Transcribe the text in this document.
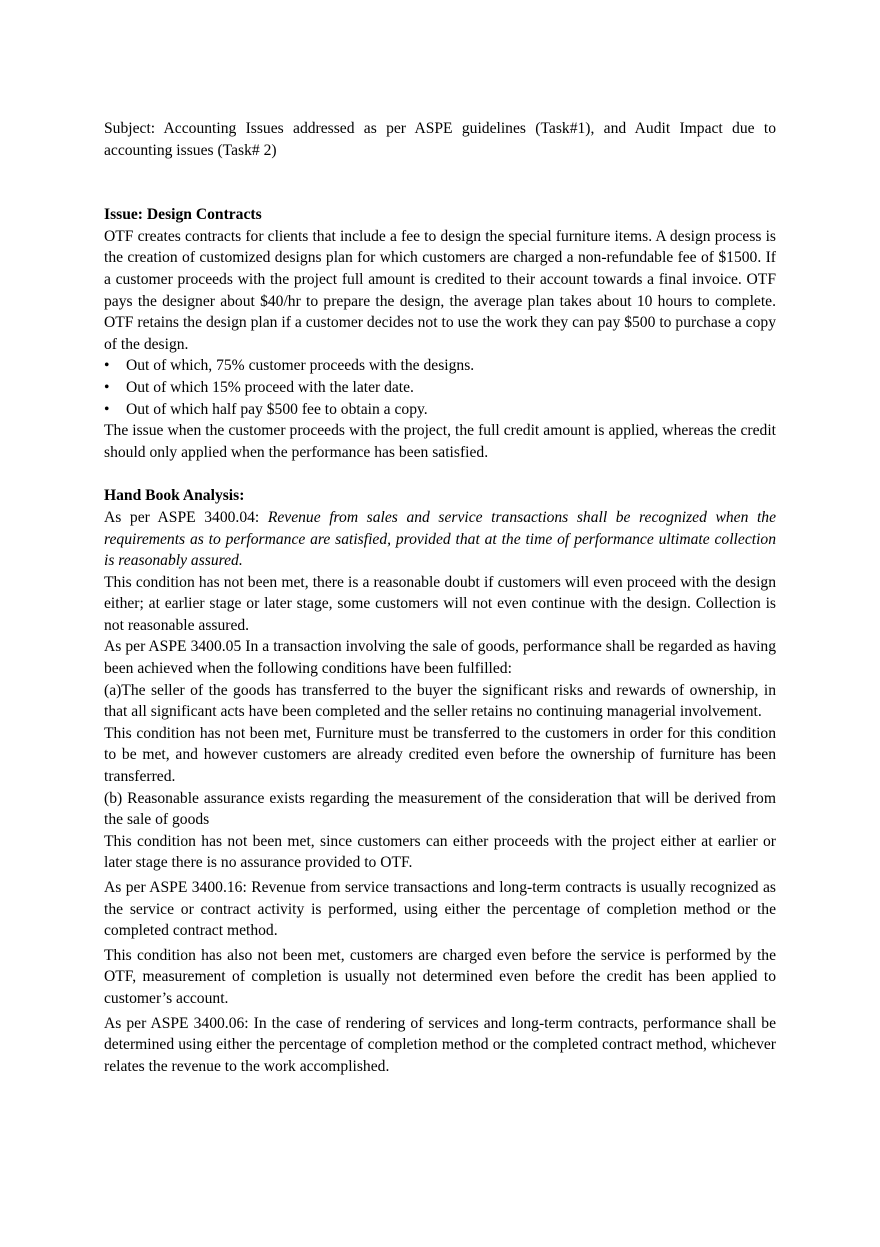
Subject: Accounting Issues addressed as per ASPE guidelines (Task#1), and Audit Impact due to accounting issues (Task# 2)

Issue: Design Contracts

OTF creates contracts for clients that include a fee to design the special furniture items. A design process is the creation of customized designs plan for which customers are charged a non-refundable fee of $1500. If a customer proceeds with the project full amount is credited to their account towards a final invoice. OTF pays the designer about $40/hr to prepare the design, the average plan takes about 10 hours to complete. OTF retains the design plan if a customer decides not to use the work they can pay $500 to purchase a copy of the design.

• Out of which, 75% customer proceeds with the designs.
• Out of which 15% proceed with the later date.
• Out of which half pay $500 fee to obtain a copy.

The issue when the customer proceeds with the project, the full credit amount is applied, whereas the credit should only applied when the performance has been satisfied.

Hand Book Analysis:

As per ASPE 3400.04: Revenue from sales and service transactions shall be recognized when the requirements as to performance are satisfied, provided that at the time of performance ultimate collection is reasonably assured.

This condition has not been met, there is a reasonable doubt if customers will even proceed with the design either; at earlier stage or later stage, some customers will not even continue with the design. Collection is not reasonable assured.

As per ASPE 3400.05 In a transaction involving the sale of goods, performance shall be regarded as having been achieved when the following conditions have been fulfilled:

(a)The seller of the goods has transferred to the buyer the significant risks and rewards of ownership, in that all significant acts have been completed and the seller retains no continuing managerial involvement.

This condition has not been met, Furniture must be transferred to the customers in order for this condition to be met, and however customers are already credited even before the ownership of furniture has been transferred.

(b) Reasonable assurance exists regarding the measurement of the consideration that will be derived from the sale of goods

This condition has not been met, since customers can either proceeds with the project either at earlier or later stage there is no assurance provided to OTF.

As per ASPE 3400.16: Revenue from service transactions and long-term contracts is usually recognized as the service or contract activity is performed, using either the percentage of completion method or the completed contract method.

This condition has also not been met, customers are charged even before the service is performed by the OTF, measurement of completion is usually not determined even before the credit has been applied to customer’s account.

As per ASPE 3400.06: In the case of rendering of services and long-term contracts, performance shall be determined using either the percentage of completion method or the completed contract method, whichever relates the revenue to the work accomplished.
